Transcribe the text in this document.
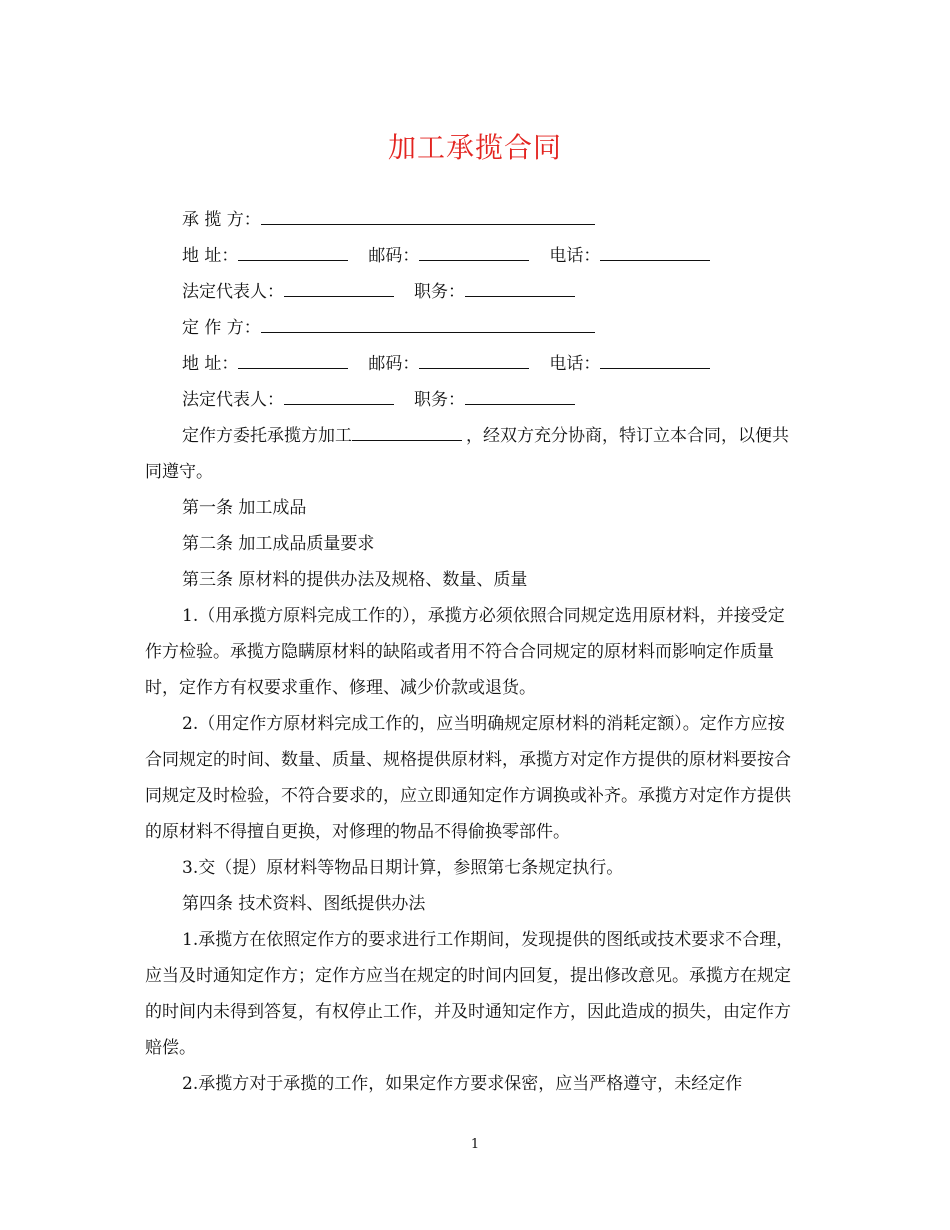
加工承揽合同
承 揽 方：
地 址：	邮码：	电话：
法定代表人：	职务：
定 作 方：
地 址：	邮码：	电话：
法定代表人：	职务：
定作方委托承揽方加工	，经双方充分协商，特订立本合同，以便共同遵守。
第一条 加工成品
第二条 加工成品质量要求
第三条 原材料的提供办法及规格、数量、质量
1.（用承揽方原料完成工作的），承揽方必须依照合同规定选用原材料，并接受定作方检验。承揽方隐瞒原材料的缺陷或者用不符合合同规定的原材料而影响定作质量时，定作方有权要求重作、修理、减少价款或退货。
2.（用定作方原材料完成工作的，应当明确规定原材料的消耗定额）。定作方应按合同规定的时间、数量、质量、规格提供原材料，承揽方对定作方提供的原材料要按合同规定及时检验，不符合要求的，应立即通知定作方调换或补齐。承揽方对定作方提供的原材料不得擅自更换，对修理的物品不得偷换零部件。
3.交（提）原材料等物品日期计算，参照第七条规定执行。
第四条 技术资料、图纸提供办法
1.承揽方在依照定作方的要求进行工作期间，发现提供的图纸或技术要求不合理，应当及时通知定作方；定作方应当在规定的时间内回复，提出修改意见。承揽方在规定的时间内未得到答复，有权停止工作，并及时通知定作方，因此造成的损失，由定作方赔偿。
2.承揽方对于承揽的工作，如果定作方要求保密，应当严格遵守，未经定作
1
